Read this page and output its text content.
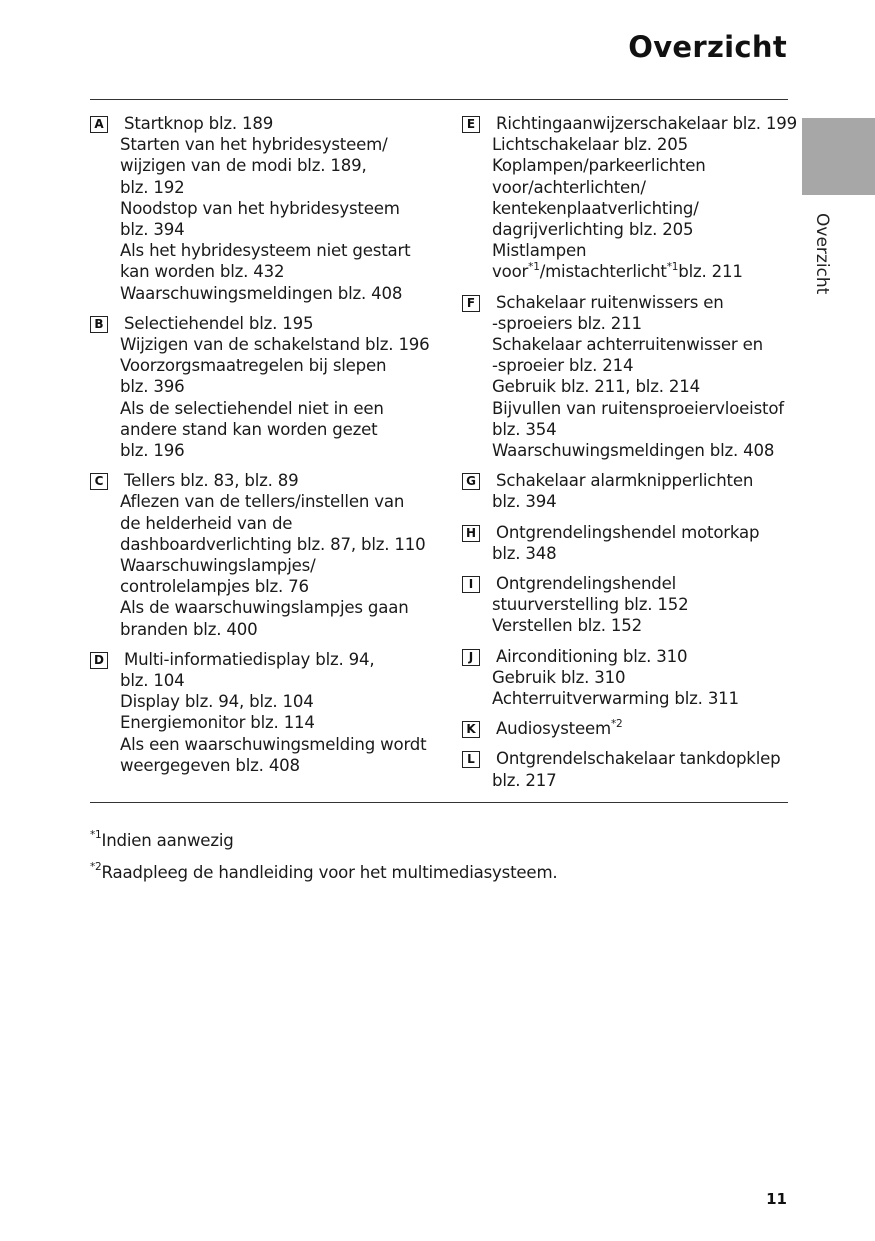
Overzicht
Overzicht
A Startknop blz. 189
Starten van het hybridesysteem/
wijzigen van de modi blz. 189,
blz. 192
Noodstop van het hybridesysteem
blz. 394
Als het hybridesysteem niet gestart
kan worden blz. 432
Waarschuwingsmeldingen blz. 408
B Selectiehendel blz. 195
Wijzigen van de schakelstand blz. 196
Voorzorgsmaatregelen bij slepen
blz. 396
Als de selectiehendel niet in een
andere stand kan worden gezet
blz. 196
C Tellers blz. 83, blz. 89
Aflezen van de tellers/instellen van
de helderheid van de
dashboardverlichting blz. 87, blz. 110
Waarschuwingslampjes/
controlelampjes blz. 76
Als de waarschuwingslampjes gaan
branden blz. 400
D Multi-informatiedisplay blz. 94,
blz. 104
Display blz. 94, blz. 104
Energiemonitor blz. 114
Als een waarschuwingsmelding wordt
weergegeven blz. 408
E Richtingaanwijzerschakelaar blz. 199
Lichtschakelaar blz. 205
Koplampen/parkeerlichten
voor/achterlichten/
kentekenplaatverlichting/
dagrijverlichting blz. 205
Mistlampen
voor$^{*1}$/mistachterlicht$^{*1}$blz. 211
F Schakelaar ruitenwissers en
-sproeiers blz. 211
Schakelaar achterruitenwisser en
-sproeier blz. 214
Gebruik blz. 211, blz. 214
Bijvullen van ruitensproeiervloeistof
blz. 354
Waarschuwingsmeldingen blz. 408
G Schakelaar alarmknipperlichten
blz. 394
H Ontgrendelingshendel motorkap
blz. 348
I	Ontgrendelingshendel
stuurverstelling blz. 152
Verstellen blz. 152
J	Airconditioning blz. 310
Gebruik blz. 310
Achterruitverwarming blz. 311
K Audiosysteem$^{*2}$
L	Ontgrendelschakelaar tankdopklep
blz. 217
$^{*1}$Indien aanwezig
$^{*2}$Raadpleeg de handleiding voor het multimediasysteem.
11
